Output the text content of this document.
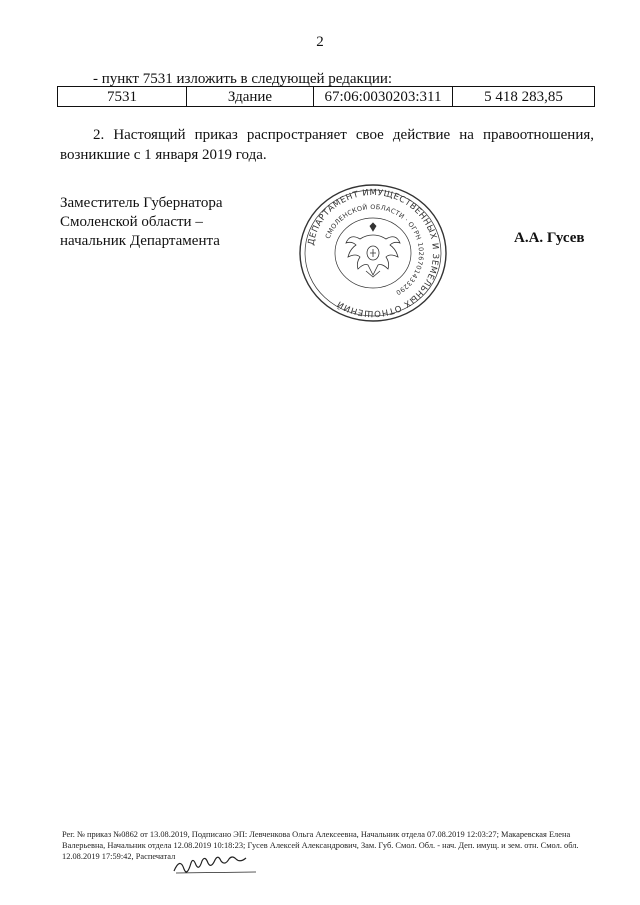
2
- пункт 7531 изложить в следующей редакции:
7531	Здание	67:06:0030203:311	5 418 283,85
2. Настоящий приказ распространяет свое действие на правоотношения, возникшие с 1 января 2019 года.
Заместитель Губернатора
Смоленской области –
начальник Департамента	ДЕПАРТАМЕНТ ИМУЩЕСТВЕННЫХ И ЗЕМЕЛЬНЫХ ОТНОШЕНИЙ
СМОЛЕНСКОЙ ОБЛАСТИ · ОГРН 1026701433290
А.А. Гусев
Рег. № приказ №0862 от 13.08.2019, Подписано ЭП: Левченкова Ольга Алексеевна, Начальник отдела 07.08.2019 12:03:27; Макаревская Елена Валерьевна, Начальник отдела 12.08.2019 10:18:23; Гусев Алексей Александрович, Зам. Губ. Смол. Обл. - нач. Деп. имущ. и зем. отн. Смол. обл. 12.08.2019 17:59:42, Распечатал
